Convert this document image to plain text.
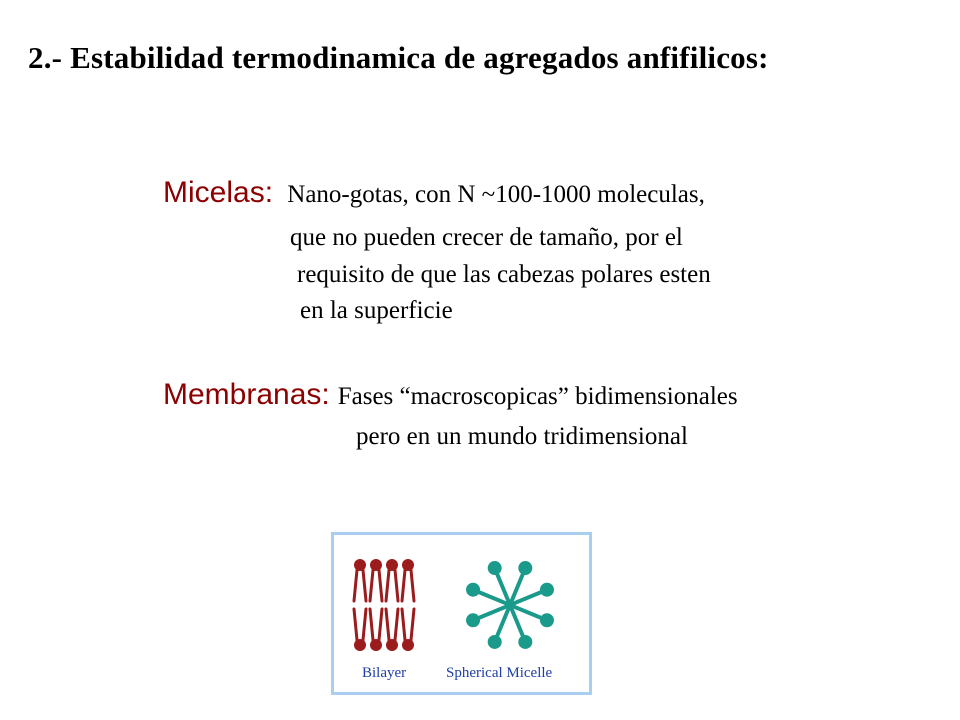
2.- Estabilidad termodinamica de agregados anfifilicos:
Micelas: Nano-gotas, con N ~100-1000 moleculas,
que no pueden crecer de tamaño, por el
requisito de que las cabezas polares esten
en la superficie
Membranas: Fases “macroscopicas” bidimensionales
pero en un mundo tridimensional
Bilayer	Spherical Micelle
